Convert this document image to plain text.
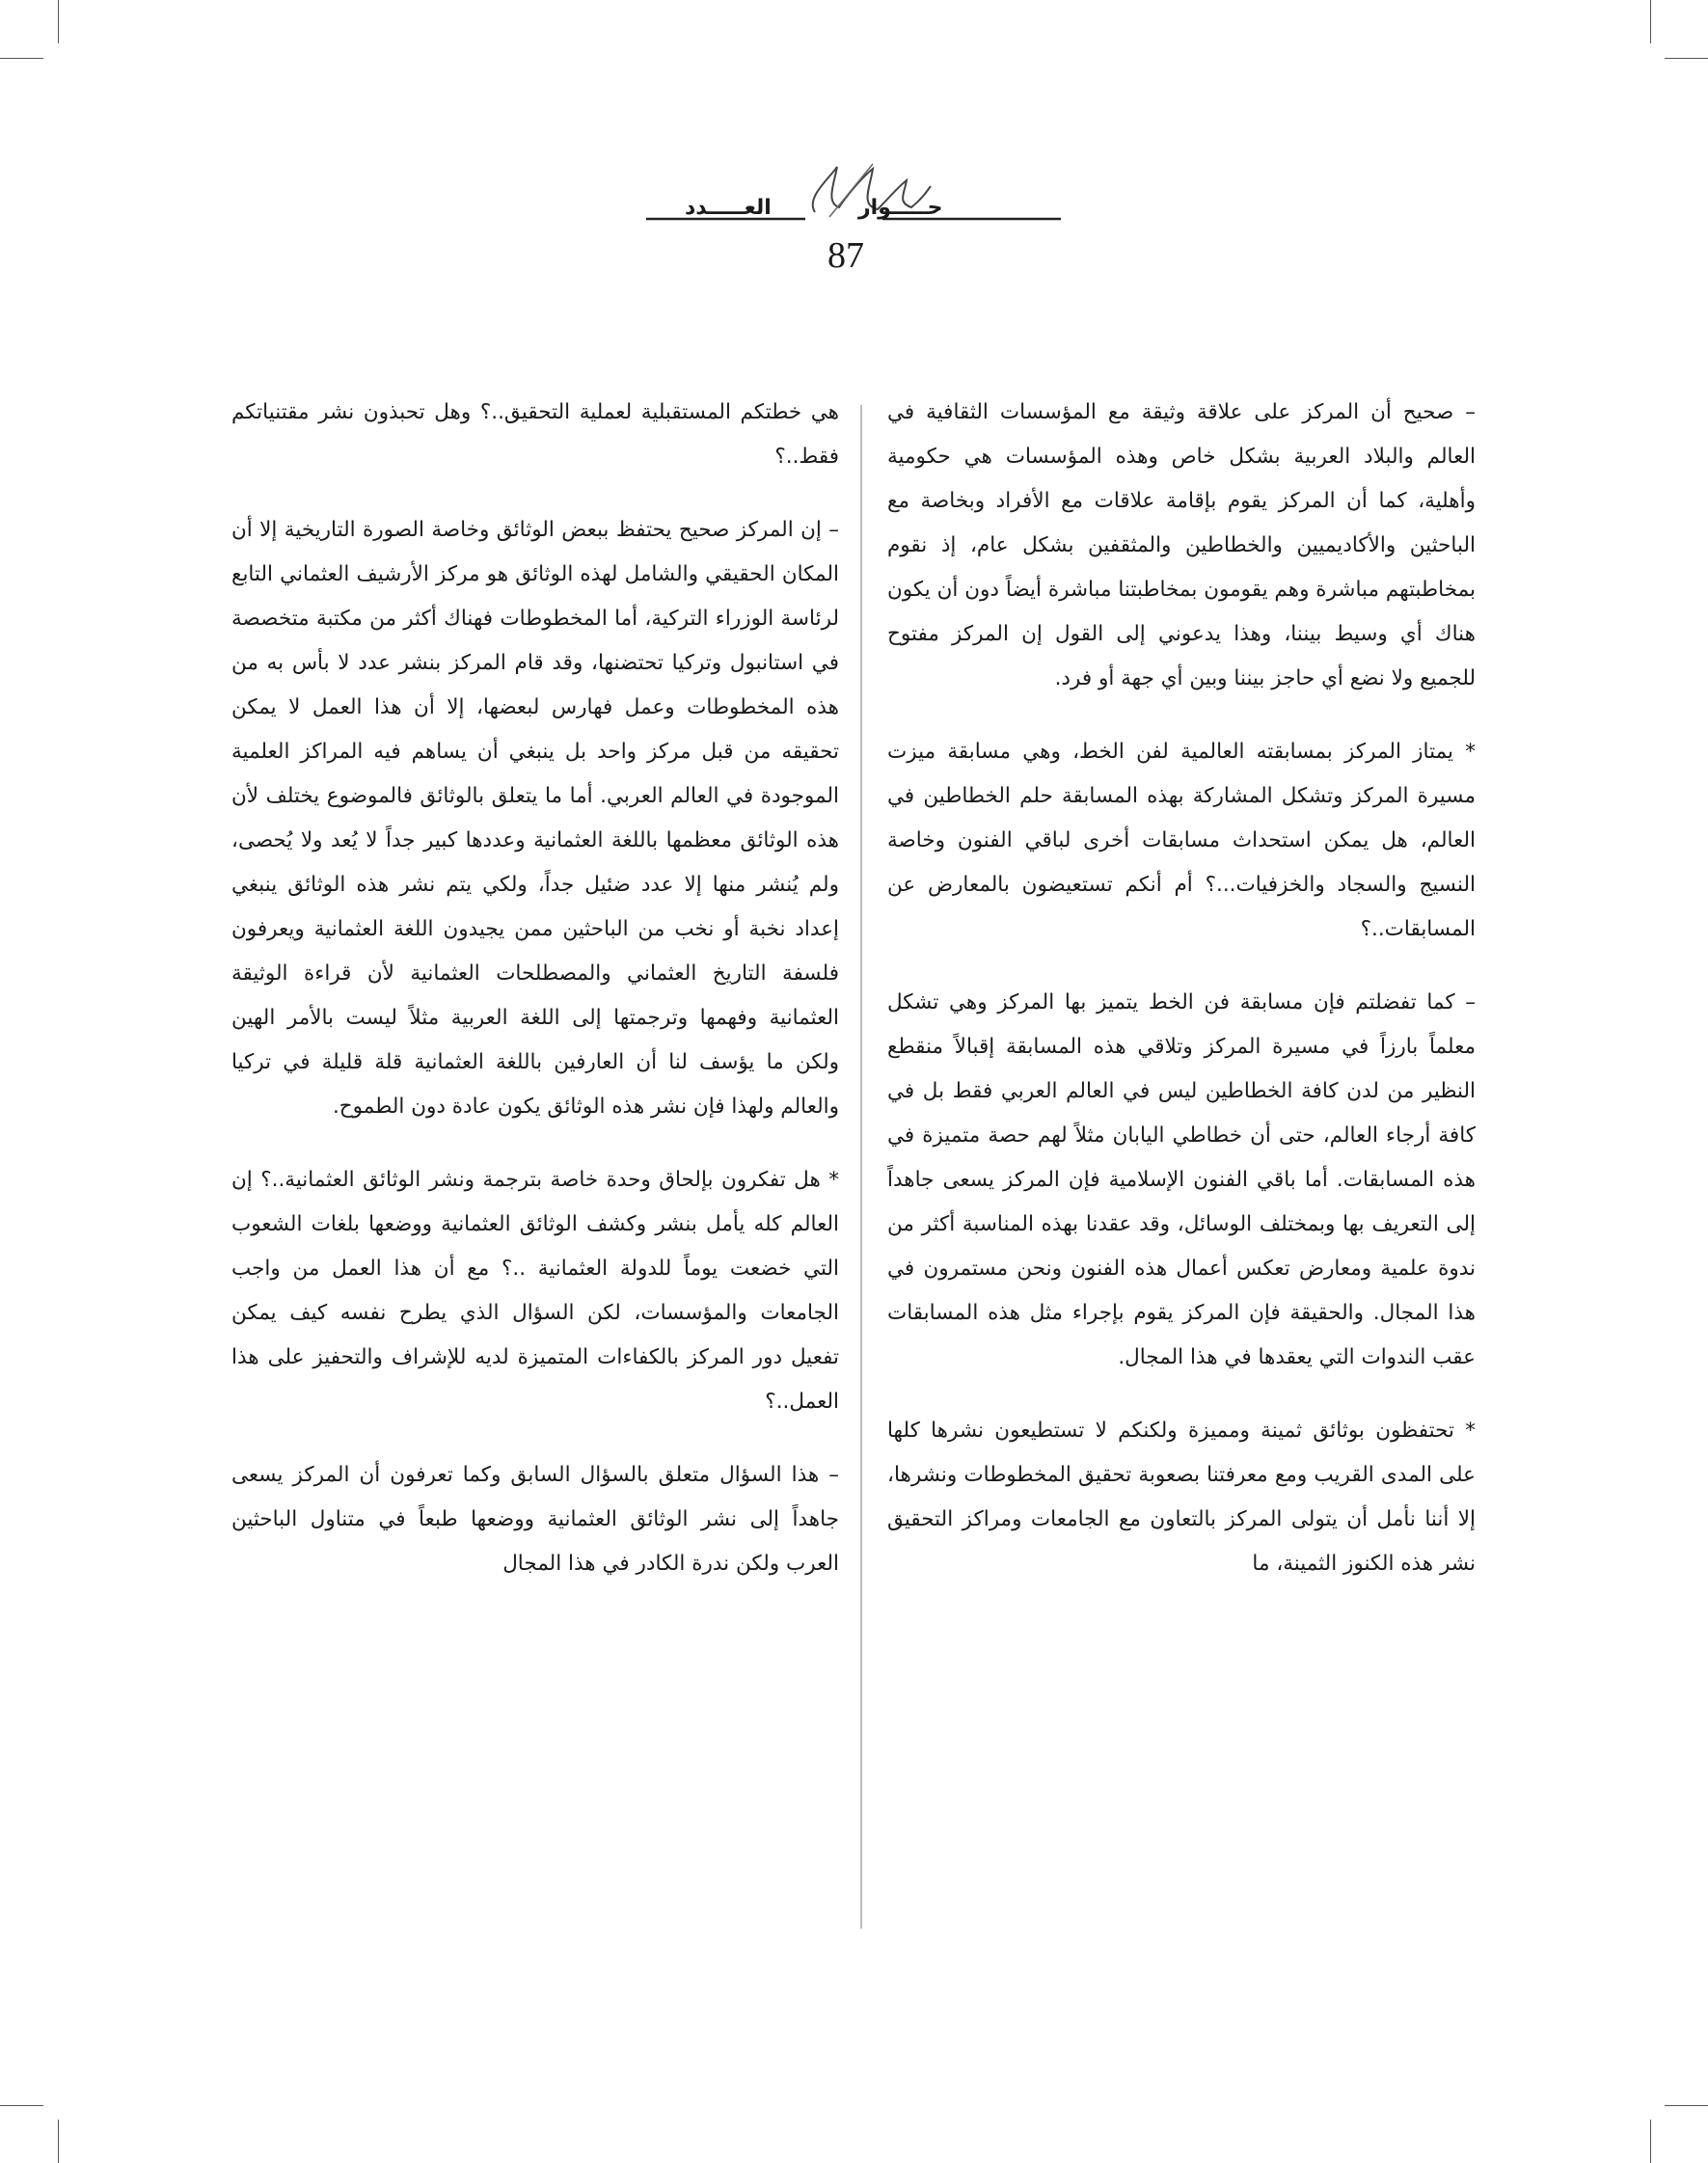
حـــــوار
العـــــدد
87

– صحيح أن المركز على علاقة وثيقة مع المؤسسات الثقافية في العالم والبلاد العربية بشكل خاص وهذه المؤسسات هي حكومية وأهلية، كما أن المركز يقوم بإقامة علاقات مع الأفراد وبخاصة مع الباحثين والأكاديميين والخطاطين والمثقفين بشكل عام، إذ نقوم بمخاطبتهم مباشرة وهم يقومون بمخاطبتنا مباشرة أيضاً دون أن يكون هناك أي وسيط بيننا، وهذا يدعوني إلى القول إن المركز مفتوح للجميع ولا نضع أي حاجز بيننا وبين أي جهة أو فرد.

* يمتاز المركز بمسابقته العالمية لفن الخط، وهي مسابقة ميزت مسيرة المركز وتشكل المشاركة بهذه المسابقة حلم الخطاطين في العالم، هل يمكن استحداث مسابقات أخرى لباقي الفنون وخاصة النسيج والسجاد والخزفيات...؟ أم أنكم تستعيضون بالمعارض عن المسابقات..؟

– كما تفضلتم فإن مسابقة فن الخط يتميز بها المركز وهي تشكل معلماً بارزاً في مسيرة المركز وتلاقي هذه المسابقة إقبالاً منقطع النظير من لدن كافة الخطاطين ليس في العالم العربي فقط بل في كافة أرجاء العالم، حتى أن خطاطي اليابان مثلاً لهم حصة متميزة في هذه المسابقات. أما باقي الفنون الإسلامية فإن المركز يسعى جاهداً إلى التعريف بها وبمختلف الوسائل، وقد عقدنا بهذه المناسبة أكثر من ندوة علمية ومعارض تعكس أعمال هذه الفنون ونحن مستمرون في هذا المجال. والحقيقة فإن المركز يقوم بإجراء مثل هذه المسابقات عقب الندوات التي يعقدها في هذا المجال.

* تحتفظون بوثائق ثمينة ومميزة ولكنكم لا تستطيعون نشرها كلها على المدى القريب ومع معرفتنا بصعوبة تحقيق المخطوطات ونشرها، إلا أننا نأمل أن يتولى المركز بالتعاون مع الجامعات ومراكز التحقيق نشر هذه الكنوز الثمينة، ما

هي خطتكم المستقبلية لعملية التحقيق..؟ وهل تحبذون نشر مقتنياتكم فقط..؟

– إن المركز صحيح يحتفظ ببعض الوثائق وخاصة الصورة التاريخية إلا أن المكان الحقيقي والشامل لهذه الوثائق هو مركز الأرشيف العثماني التابع لرئاسة الوزراء التركية، أما المخطوطات فهناك أكثر من مكتبة متخصصة في استانبول وتركيا تحتضنها، وقد قام المركز بنشر عدد لا بأس به من هذه المخطوطات وعمل فهارس لبعضها، إلا أن هذا العمل لا يمكن تحقيقه من قبل مركز واحد بل ينبغي أن يساهم فيه المراكز العلمية الموجودة في العالم العربي. أما ما يتعلق بالوثائق فالموضوع يختلف لأن هذه الوثائق معظمها باللغة العثمانية وعددها كبير جداً لا يُعد ولا يُحصى، ولم يُنشر منها إلا عدد ضئيل جداً، ولكي يتم نشر هذه الوثائق ينبغي إعداد نخبة أو نخب من الباحثين ممن يجيدون اللغة العثمانية ويعرفون فلسفة التاريخ العثماني والمصطلحات العثمانية لأن قراءة الوثيقة العثمانية وفهمها وترجمتها إلى اللغة العربية مثلاً ليست بالأمر الهين ولكن ما يؤسف لنا أن العارفين باللغة العثمانية قلة قليلة في تركيا والعالم ولهذا فإن نشر هذه الوثائق يكون عادة دون الطموح.

* هل تفكرون بإلحاق وحدة خاصة بترجمة ونشر الوثائق العثمانية..؟ إن العالم كله يأمل بنشر وكشف الوثائق العثمانية ووضعها بلغات الشعوب التي خضعت يوماً للدولة العثمانية ..؟ مع أن هذا العمل من واجب الجامعات والمؤسسات، لكن السؤال الذي يطرح نفسه كيف يمكن تفعيل دور المركز بالكفاءات المتميزة لديه للإشراف والتحفيز على هذا العمل..؟

– هذا السؤال متعلق بالسؤال السابق وكما تعرفون أن المركز يسعى جاهداً إلى نشر الوثائق العثمانية ووضعها طبعاً في متناول الباحثين العرب ولكن ندرة الكادر في هذا المجال
